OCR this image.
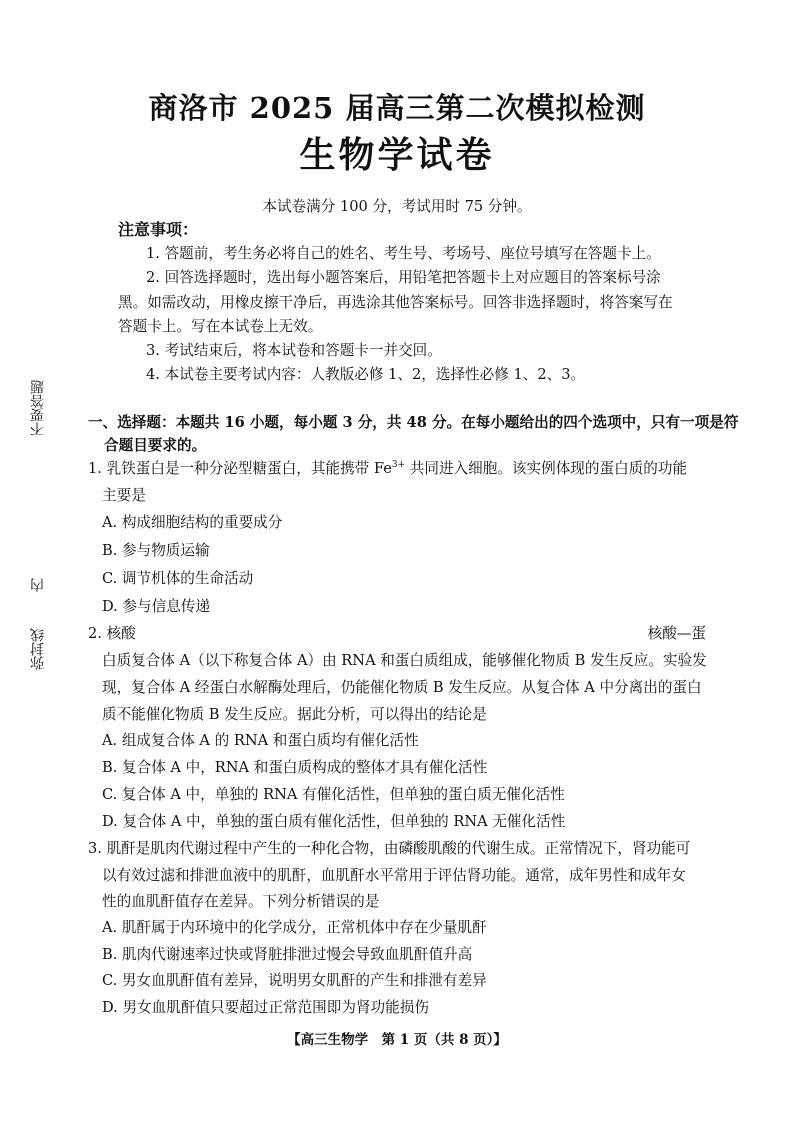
不要答题
内
弥封线
商洛市 2025 届高三第二次模拟检测
生物学试卷
本试卷满分 100 分，考试用时 75 分钟。
注意事项：
1. 答题前，考生务必将自己的姓名、考生号、考场号、座位号填写在答题卡上。
2. 回答选择题时，选出每小题答案后，用铅笔把答题卡上对应题目的答案标号涂
黑。如需改动，用橡皮擦干净后，再选涂其他答案标号。回答非选择题时，将答案写在
答题卡上。写在本试卷上无效。
3. 考试结束后，将本试卷和答题卡一并交回。
4. 本试卷主要考试内容：人教版必修 1、2，选择性必修 1、2、3。
一、选择题：本题共 16 小题，每小题 3 分，共 48 分。在每小题给出的四个选项中，只有一项是符
合题目要求的。
1. 乳铁蛋白是一种分泌型糖蛋白，其能携带 $Fe^{3+}$ 共同进入细胞。该实例体现的蛋白质的功能
主要是
A. 构成细胞结构的重要成分
B. 参与物质运输
C. 调节机体的生命活动
D. 参与信息传递
2. 核酸	核酸—蛋
白质复合体 A（以下称复合体 A）由 RNA 和蛋白质组成，能够催化物质 B 发生反应。实验发
现，复合体 A 经蛋白水解酶处理后，仍能催化物质 B 发生反应。从复合体 A 中分离出的蛋白
质不能催化物质 B 发生反应。据此分析，可以得出的结论是
A. 组成复合体 A 的 RNA 和蛋白质均有催化活性
B. 复合体 A 中，RNA 和蛋白质构成的整体才具有催化活性
C. 复合体 A 中，单独的 RNA 有催化活性，但单独的蛋白质无催化活性
D. 复合体 A 中，单独的蛋白质有催化活性，但单独的 RNA 无催化活性
3. 肌酐是肌肉代谢过程中产生的一种化合物，由磷酸肌酸的代谢生成。正常情况下，肾功能可
以有效过滤和排泄血液中的肌酐，血肌酐水平常用于评估肾功能。通常，成年男性和成年女
性的血肌酐值存在差异。下列分析错误的是
A. 肌酐属于内环境中的化学成分，正常机体中存在少量肌酐
B. 肌肉代谢速率过快或肾脏排泄过慢会导致血肌酐值升高
C. 男女血肌酐值有差异，说明男女肌酐的产生和排泄有差异
D. 男女血肌酐值只要超过正常范围即为肾功能损伤
【高三生物学　第 1 页（共 8 页）】
